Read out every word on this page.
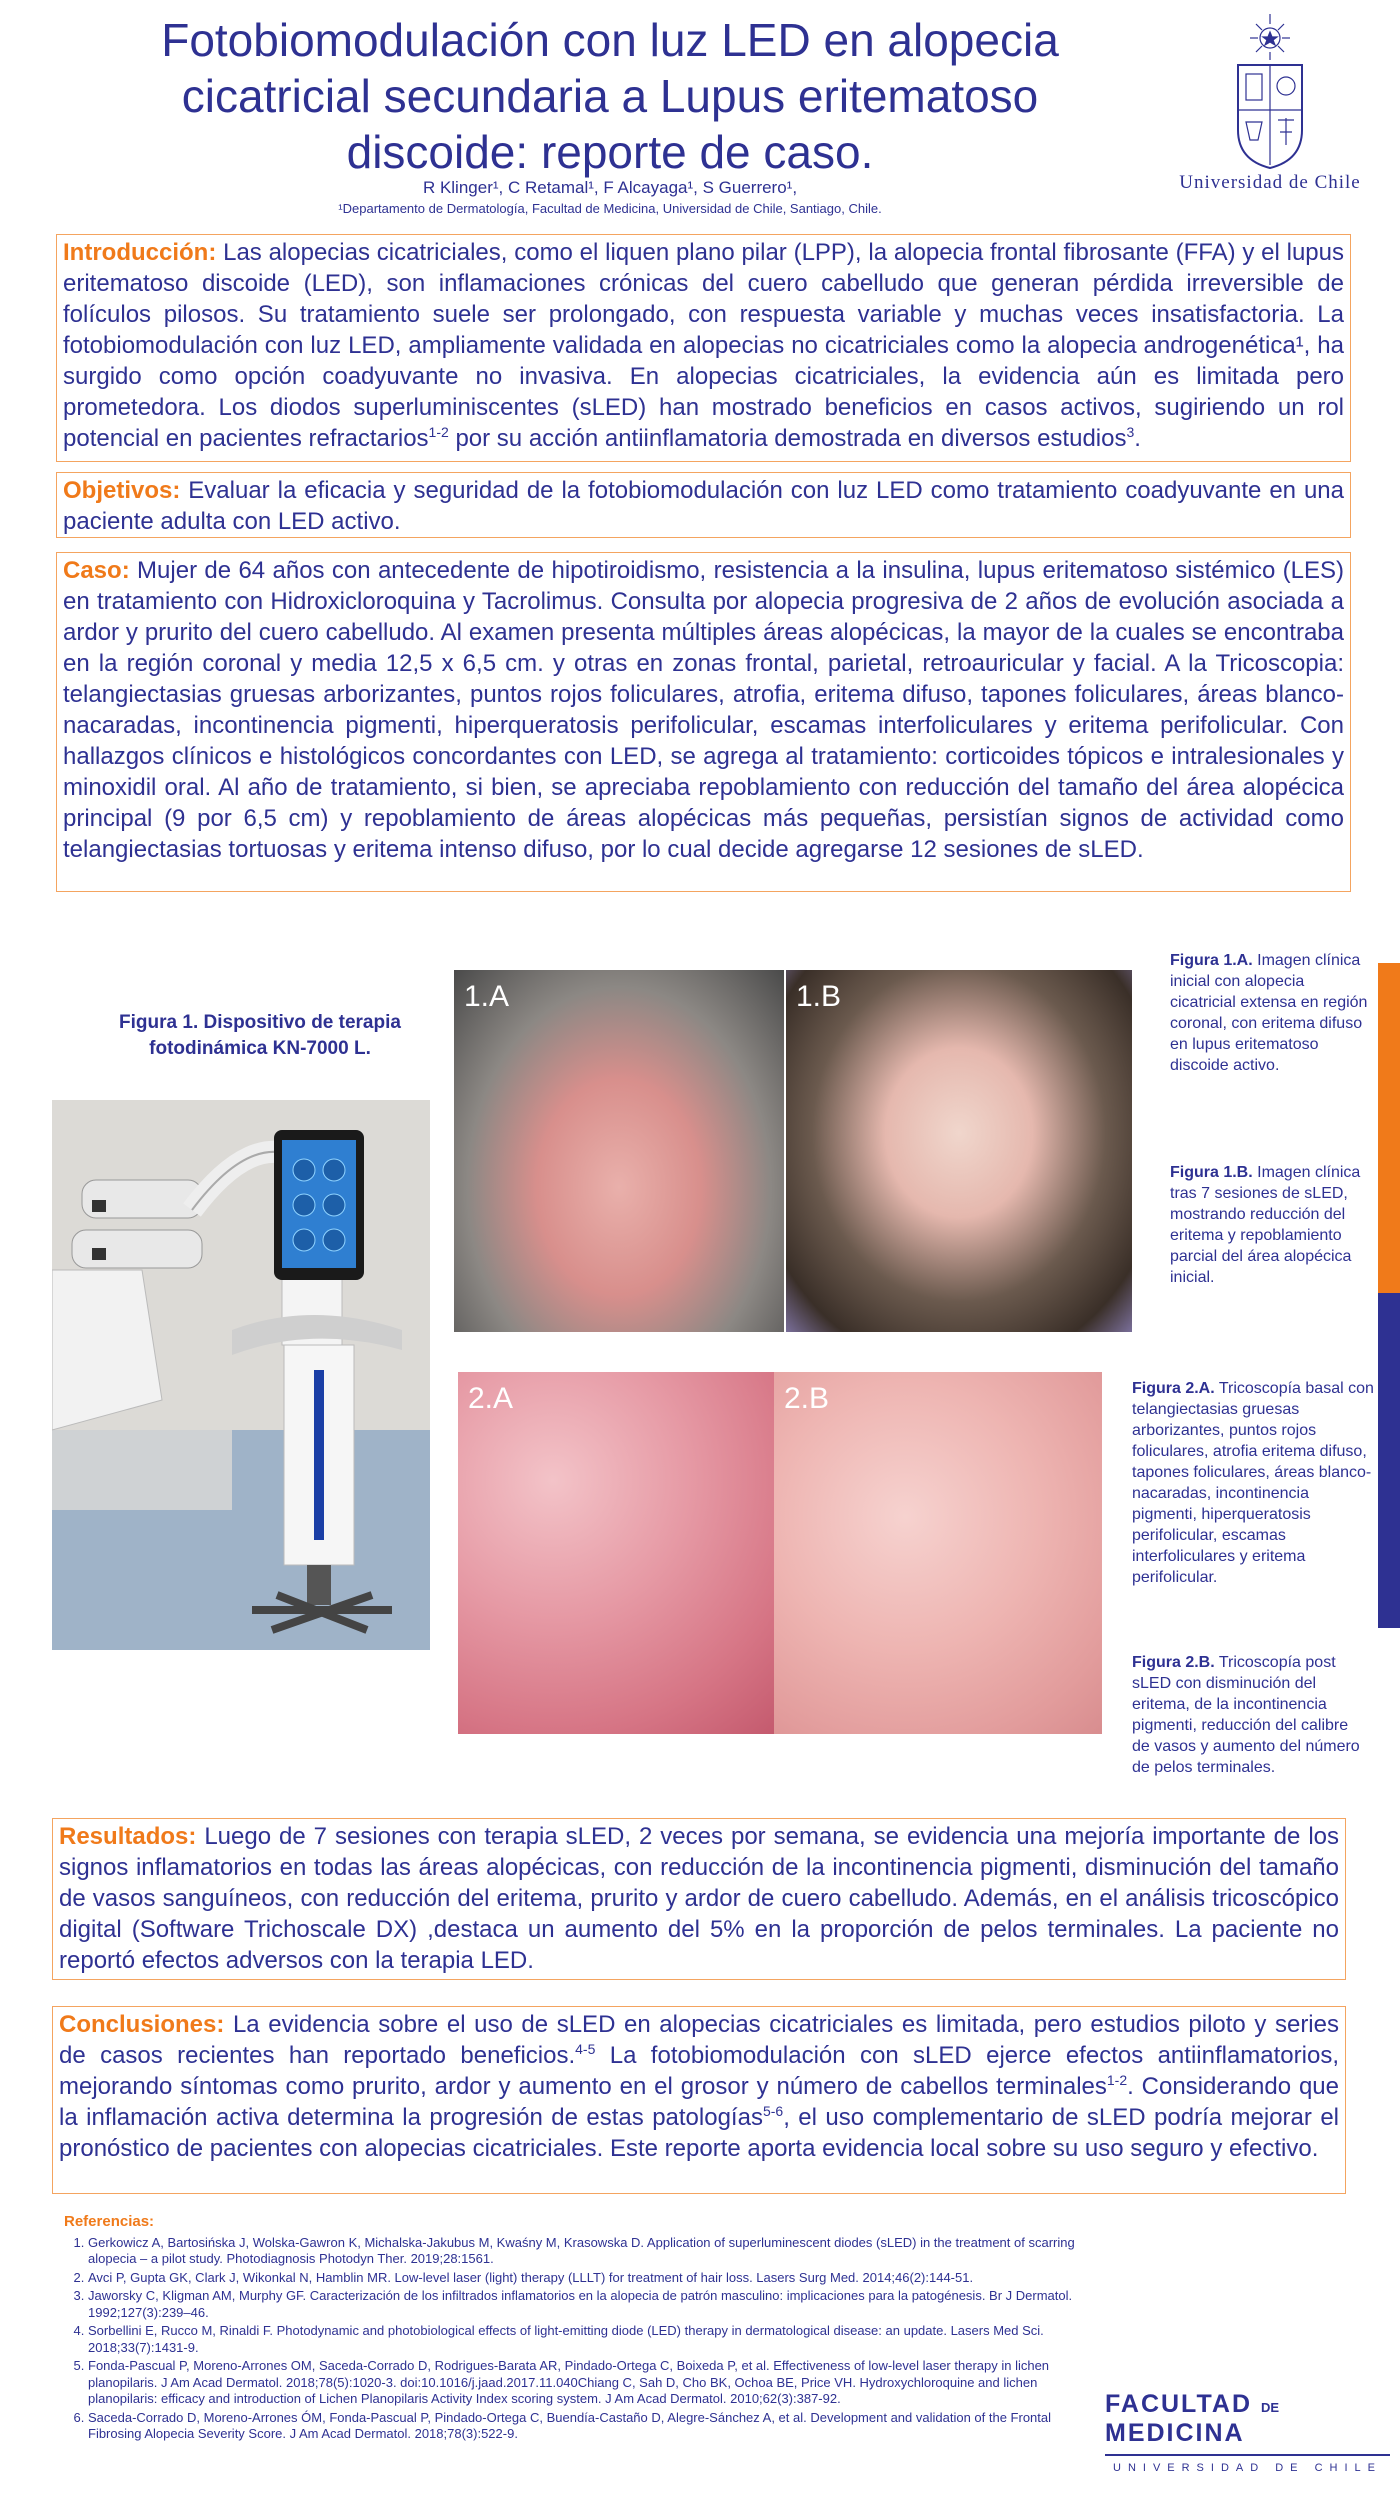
Fotobiomodulación con luz LED en alopecia
cicatricial secundaria a Lupus eritematoso
discoide: reporte de caso.
R Klinger¹, C Retamal¹, F Alcayaga¹, S Guerrero¹,
¹Departamento de Dermatología, Facultad de Medicina, Universidad de Chile, Santiago, Chile.
Universidad de Chile
Introducción: Las alopecias cicatriciales, como el liquen plano pilar (LPP), la alopecia frontal fibrosante (FFA) y el lupus eritematoso discoide (LED), son inflamaciones crónicas del cuero cabelludo que generan pérdida irreversible de folículos pilosos. Su tratamiento suele ser prolongado, con respuesta variable y muchas veces insatisfactoria. La fotobiomodulación con luz LED, ampliamente validada en alopecias no cicatriciales como la alopecia androgenética¹, ha surgido como opción coadyuvante no invasiva. En alopecias cicatriciales, la evidencia aún es limitada pero prometedora. Los diodos superluminiscentes (sLED) han mostrado beneficios en casos activos, sugiriendo un rol potencial en pacientes refractarios$^{1-2}$ por su acción antiinflamatoria demostrada en diversos estudios$^3$.
Objetivos: Evaluar la eficacia y seguridad de la fotobiomodulación con luz LED como tratamiento coadyuvante en una paciente adulta con LED activo.
Caso: Mujer de 64 años con antecedente de hipotiroidismo, resistencia a la insulina, lupus eritematoso sistémico (LES) en tratamiento con Hidroxicloroquina y Tacrolimus. Consulta por alopecia progresiva de 2 años de evolución asociada a ardor y prurito del cuero cabelludo. Al examen presenta múltiples áreas alopécicas, la mayor de la cuales se encontraba en la región coronal y media 12,5 x 6,5 cm. y otras en zonas frontal, parietal, retroauricular y facial. A la Tricoscopia: telangiectasias gruesas arborizantes, puntos rojos foliculares, atrofia, eritema difuso, tapones foliculares, áreas blanco-nacaradas, incontinencia pigmenti, hiperqueratosis perifolicular, escamas interfoliculares y eritema perifolicular. Con hallazgos clínicos e histológicos concordantes con LED, se agrega al tratamiento: corticoides tópicos e intralesionales y minoxidil oral. Al año de tratamiento, si bien, se apreciaba repoblamiento con reducción del tamaño del área alopécica principal (9 por 6,5 cm) y repoblamiento de áreas alopécicas más pequeñas, persistían signos de actividad como telangiectasias tortuosas y eritema intenso difuso, por lo cual decide agregarse 12 sesiones de sLED.
Figura 1. Dispositivo de terapia fotodinámica KN-7000 L.
1.A	1.B
Figura 1.A. Imagen clínica inicial con alopecia cicatricial extensa en región coronal, con eritema difuso en lupus eritematoso discoide activo.
Figura 1.B. Imagen clínica tras 7 sesiones de sLED, mostrando reducción del eritema y repoblamiento parcial del área alopécica inicial.
2.A	2.B	Figura 2.A. Tricoscopía basal con telangiectasias gruesas arborizantes, puntos rojos foliculares, atrofia eritema difuso, tapones foliculares, áreas blanco-nacaradas, incontinencia pigmenti, hiperqueratosis perifolicular, escamas interfoliculares y eritema perifolicular.
Figura 2.B. Tricoscopía post sLED con disminución del eritema, de la incontinencia pigmenti, reducción del calibre de vasos y aumento del número de pelos terminales.
Resultados: Luego de 7 sesiones con terapia sLED, 2 veces por semana, se evidencia una mejoría importante de los signos inflamatorios en todas las áreas alopécicas, con reducción de la incontinencia pigmenti, disminución del tamaño de vasos sanguíneos, con reducción del eritema, prurito y ardor de cuero cabelludo. Además, en el análisis tricoscópico digital (Software Trichoscale DX) ,destaca un aumento del 5% en la proporción de pelos terminales. La paciente no reportó efectos adversos con la terapia LED.
Conclusiones: La evidencia sobre el uso de sLED en alopecias cicatriciales es limitada, pero estudios piloto y series de casos recientes han reportado beneficios.$^{4-5}$ La fotobiomodulación con sLED ejerce efectos antiinflamatorios, mejorando síntomas como prurito, ardor y aumento en el grosor y número de cabellos terminales$^{1-2}$. Considerando que la inflamación activa determina la progresión de estas patologías$^{5-6}$, el uso complementario de sLED podría mejorar el pronóstico de pacientes con alopecias cicatriciales. Este reporte aporta evidencia local sobre su uso seguro y efectivo.
Referencias:
1. Gerkowicz A, Bartosińska J, Wolska-Gawron K, Michalska-Jakubus M, Kwaśny M, Krasowska D. Application of superluminescent diodes (sLED) in the treatment of scarring alopecia – a pilot study. Photodiagnosis Photodyn Ther. 2019;28:1561.
2. Avci P, Gupta GK, Clark J, Wikonkal N, Hamblin MR. Low-level laser (light) therapy (LLLT) for treatment of hair loss. Lasers Surg Med. 2014;46(2):144-51.
3. Jaworsky C, Kligman AM, Murphy GF. Caracterización de los infiltrados inflamatorios en la alopecia de patrón masculino: implicaciones para la patogénesis. Br J Dermatol. 1992;127(3):239–46.
4. Sorbellini E, Rucco M, Rinaldi F. Photodynamic and photobiological effects of light-emitting diode (LED) therapy in dermatological disease: an update. Lasers Med Sci. 2018;33(7):1431-9.
5. Fonda-Pascual P, Moreno-Arrones OM, Saceda-Corrado D, Rodrigues-Barata AR, Pindado-Ortega C, Boixeda P, et al. Effectiveness of low-level laser therapy in lichen planopilaris. J Am Acad Dermatol. 2018;78(5):1020-3. doi:10.1016/j.jaad.2017.11.040Chiang C, Sah D, Cho BK, Ochoa BE, Price VH. Hydroxychloroquine and lichen planopilaris: efficacy and introduction of Lichen Planopilaris Activity Index scoring system. J Am Acad Dermatol. 2010;62(3):387-92.
6. Saceda-Corrado D, Moreno-Arrones ÓM, Fonda-Pascual P, Pindado-Ortega C, Buendía-Castaño D, Alegre-Sánchez A, et al. Development and validation of the Frontal Fibrosing Alopecia Severity Score. J Am Acad Dermatol. 2018;78(3):522-9.
FACULTAD DE MEDICINA
UNIVERSIDAD DE CHILE
